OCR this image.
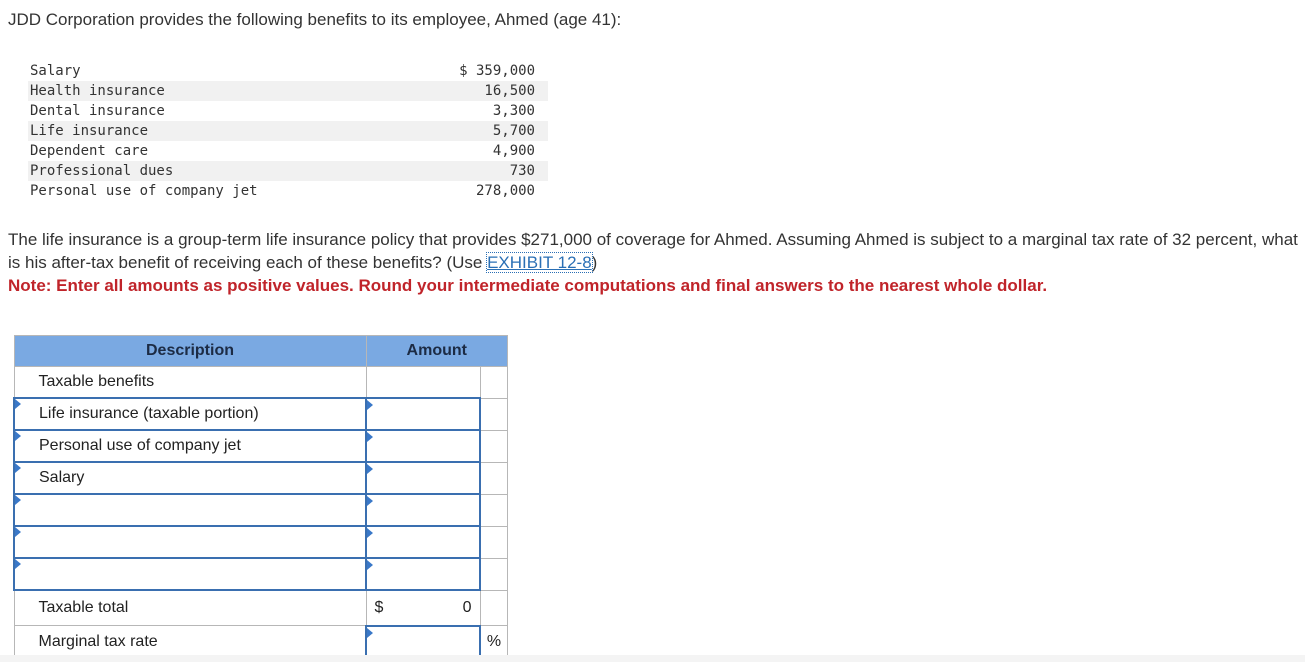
JDD Corporation provides the following benefits to its employee, Ahmed (age 41):
Salary	$ 359,000
Health insurance	16,500
Dental insurance	3,300
Life insurance	5,700
Dependent care	4,900
Professional dues	730
Personal use of company jet	278,000
The life insurance is a group-term life insurance policy that provides $271,000 of coverage for Ahmed. Assuming Ahmed is subject to a marginal tax rate of 32 percent, what is his after-tax benefit of receiving each of these benefits? (Use EXHIBIT 12-8)
Note: Enter all amounts as positive values. Round your intermediate computations and final answers to the nearest whole dollar.
Description	Amount	

Taxable benefits		

Life insurance (taxable portion)		

Personal use of company jet		

Salary		

Taxable total	$ 0	

Marginal tax rate		%
